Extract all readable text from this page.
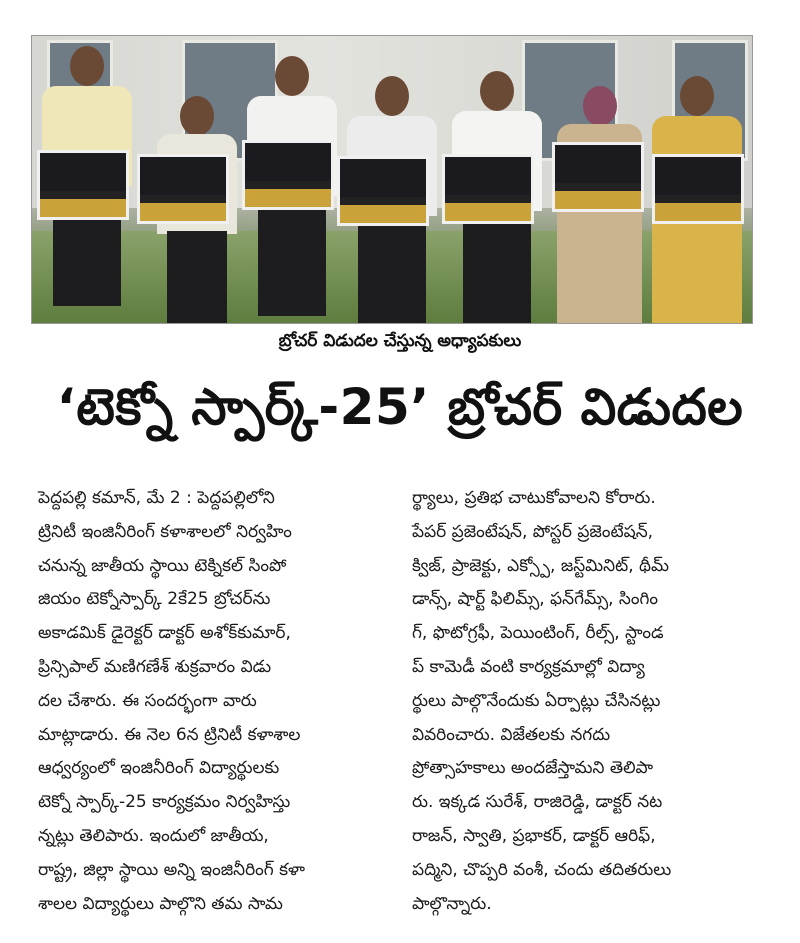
బ్రోచర్ విడుదల చేస్తున్న అధ్యాపకులు
‘టెక్నో స్పార్క్-25’ బ్రోచర్ విడుదల

పెద్దపల్లి కమాన్, మే 2 : పెద్దపల్లిలోని
ట్రినిటీ ఇంజినీరింగ్ కళాశాలలో నిర్వహిం
చనున్న జాతీయ స్థాయి టెక్నికల్ సింపో
జియం టెక్నోస్పార్క్ 2కే25 బ్రోచర్‌ను
అకాడమిక్ డైరెక్టర్ డాక్టర్ అశోక్‌కుమార్,
ప్రిన్సిపాల్ మణిగణేశ్ శుక్రవారం విడు
దల చేశారు. ఈ సందర్భంగా వారు
మాట్లాడారు. ఈ నెల 6న ట్రినిటీ కళాశాల
ఆధ్వర్యంలో ఇంజినీరింగ్ విద్యార్థులకు
టెక్నో స్పార్క్-25 కార్యక్రమం నిర్వహిస్తు
న్నట్లు తెలిపారు. ఇందులో జాతీయ,
రాష్ట్ర, జిల్లా స్థాయి అన్ని ఇంజినీరింగ్ కళా
శాలల విద్యార్థులు పాల్గొని తమ సామ

ర్థ్యాలు, ప్రతిభ చాటుకోవాలని కోరారు.
పేపర్ ప్రజెంటేషన్, పోస్టర్ ప్రజెంటేషన్,
క్విజ్, ప్రాజెక్టు, ఎక్స్పో, జస్ట్‌మినిట్, థీమ్
డాన్స్, షార్ట్ ఫిలిమ్స్, ఫన్‌గేమ్స్, సింగిం
గ్, ఫొటోగ్రఫీ, పెయింటింగ్, రీల్స్, స్టాండ
ప్ కామెడీ వంటి కార్యక్రమాల్లో విద్యా
ర్థులు పాల్గొనేందుకు ఏర్పాట్లు చేసినట్లు
వివరించారు. విజేతలకు నగదు
ప్రోత్సాహకాలు అందజేస్తామని తెలిపా
రు. ఇక్కడ సురేశ్, రాజిరెడ్డి, డాక్టర్ నట
రాజన్, స్వాతి, ప్రభాకర్, డాక్టర్ ఆరిఫ్,
పద్మిని, చొప్పరి వంశీ, చందు తదితరులు
పాల్గొన్నారు.
